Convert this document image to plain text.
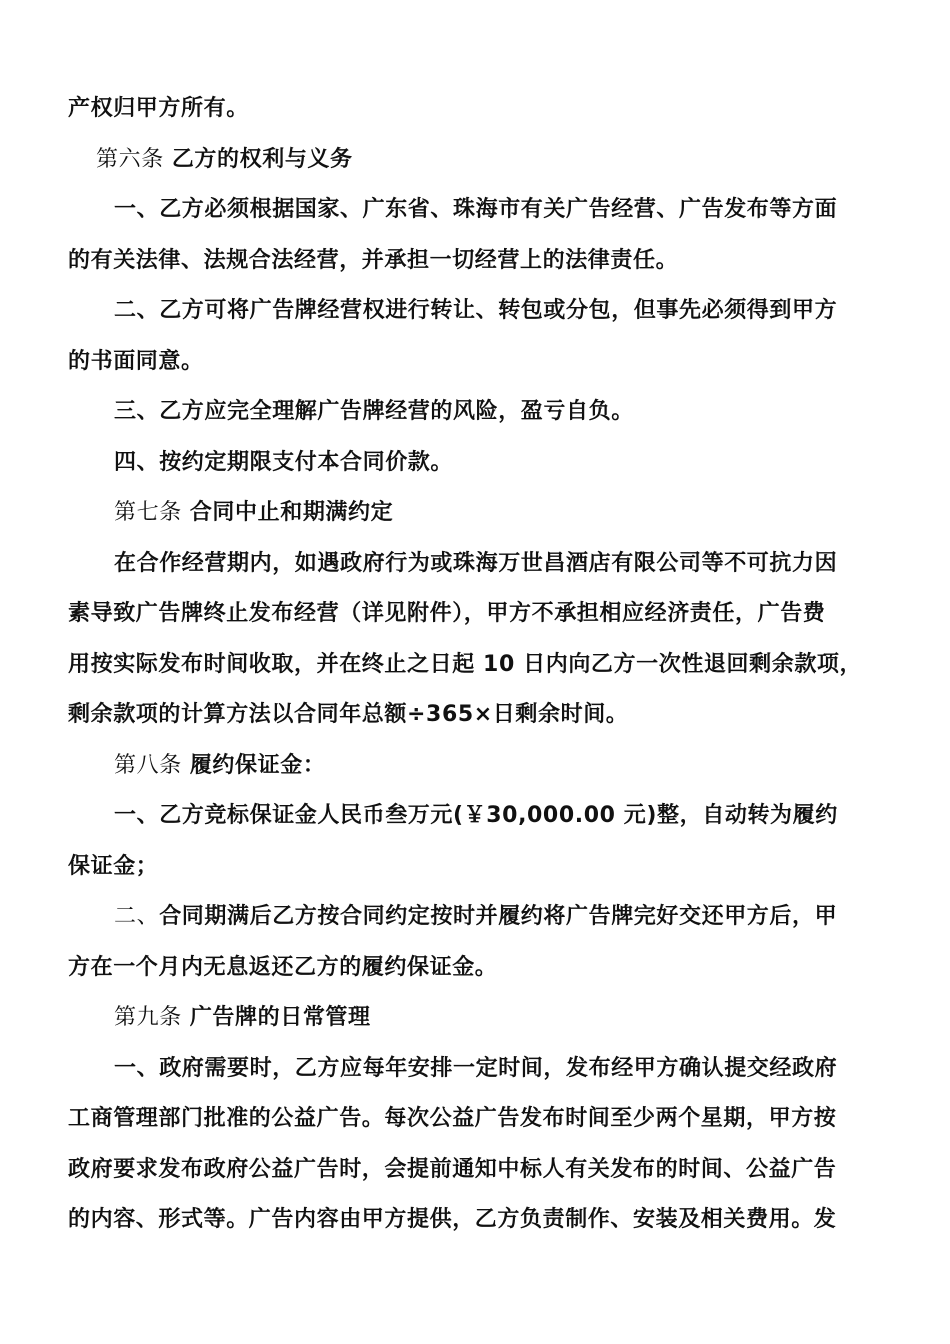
产权归甲方所有。
第六条 乙方的权利与义务
一、乙方必须根据国家、广东省、珠海市有关广告经营、广告发布等方面
的有关法律、法规合法经营，并承担一切经营上的法律责任。
二、乙方可将广告牌经营权进行转让、转包或分包，但事先必须得到甲方
的书面同意。
三、乙方应完全理解广告牌经营的风险，盈亏自负。
四、按约定期限支付本合同价款。
第七条 合同中止和期满约定
在合作经营期内，如遇政府行为或珠海万世昌酒店有限公司等不可抗力因
素导致广告牌终止发布经营（详见附件），甲方不承担相应经济责任，广告费
用按实际发布时间收取，并在终止之日起 10 日内向乙方一次性退回剩余款项，
剩余款项的计算方法以合同年总额÷365×日剩余时间。
第八条 履约保证金：
一、乙方竞标保证金人民币叁万元(￥30,000.00 元)整，自动转为履约
保证金；
二、合同期满后乙方按合同约定按时并履约将广告牌完好交还甲方后，甲
方在一个月内无息返还乙方的履约保证金。
第九条 广告牌的日常管理
一、政府需要时，乙方应每年安排一定时间，发布经甲方确认提交经政府
工商管理部门批准的公益广告。每次公益广告发布时间至少两个星期，甲方按
政府要求发布政府公益广告时，会提前通知中标人有关发布的时间、公益广告
的内容、形式等。广告内容由甲方提供，乙方负责制作、安装及相关费用。发
